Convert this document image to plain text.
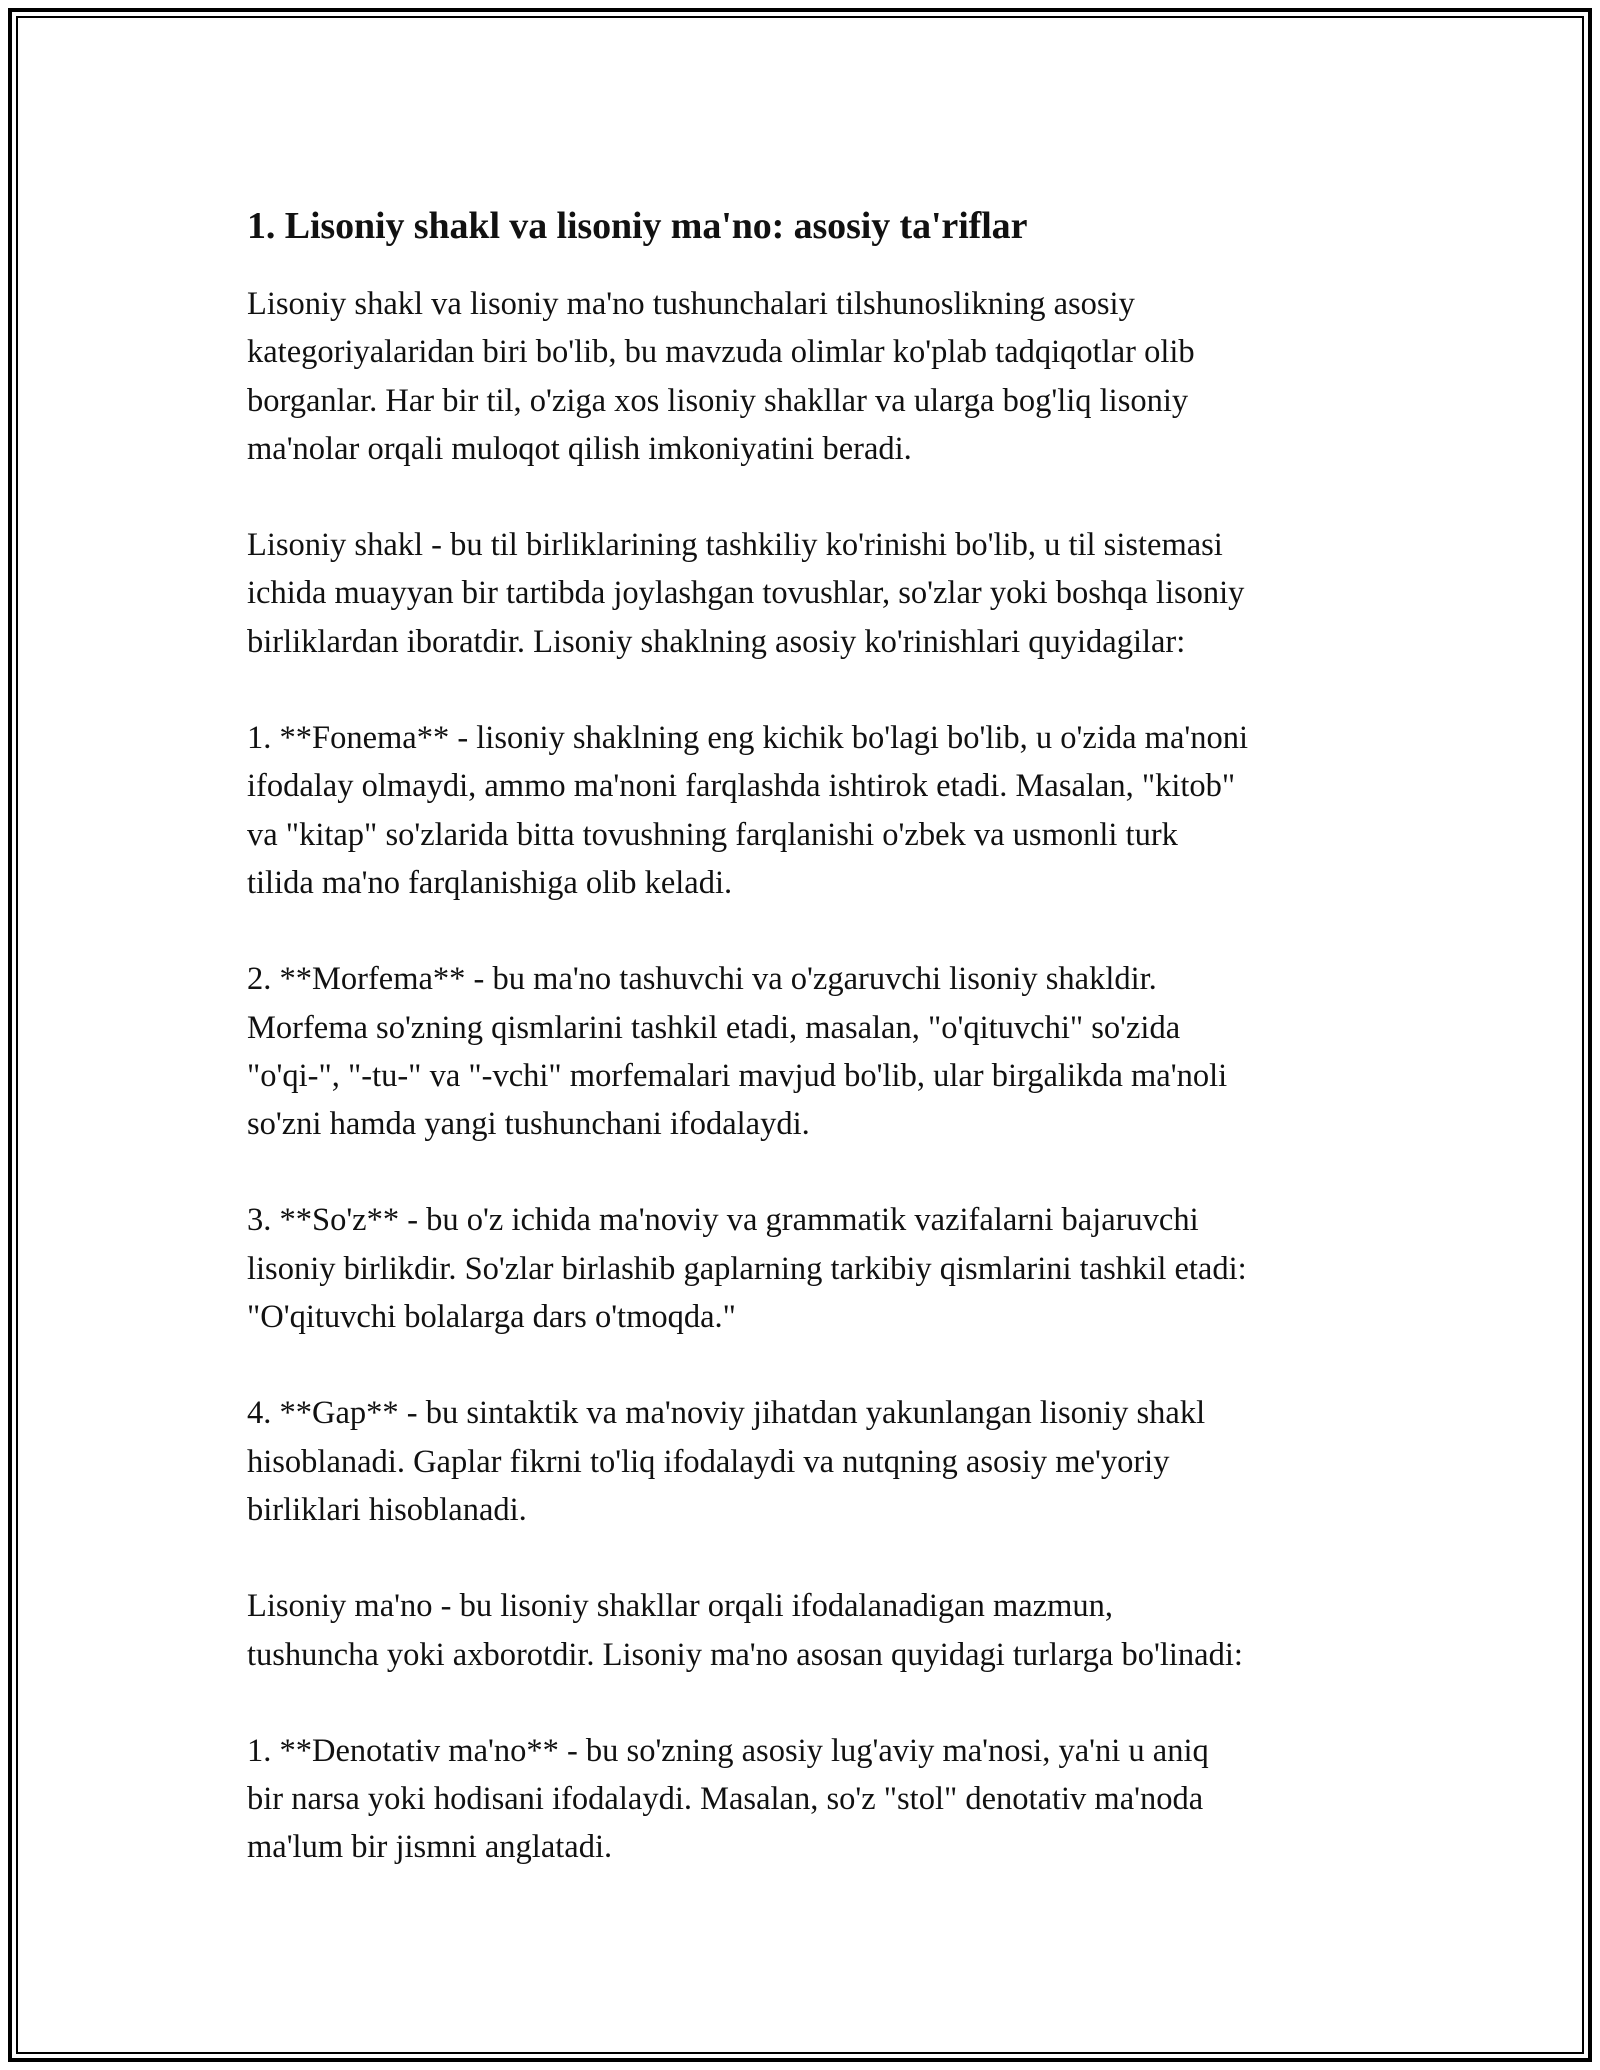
1. Lisoniy shakl va lisoniy ma'no: asosiy ta'riflar

Lisoniy shakl va lisoniy ma'no tushunchalari tilshunoslikning asosiy
kategoriyalaridan biri bo'lib, bu mavzuda olimlar ko'plab tadqiqotlar olib
borganlar. Har bir til, o'ziga xos lisoniy shakllar va ularga bog'liq lisoniy
ma'nolar orqali muloqot qilish imkoniyatini beradi.

Lisoniy shakl - bu til birliklarining tashkiliy ko'rinishi bo'lib, u til sistemasi
ichida muayyan bir tartibda joylashgan tovushlar, so'zlar yoki boshqa lisoniy
birliklardan iboratdir. Lisoniy shaklning asosiy ko'rinishlari quyidagilar:

1. **Fonema** - lisoniy shaklning eng kichik bo'lagi bo'lib, u o'zida ma'noni
ifodalay olmaydi, ammo ma'noni farqlashda ishtirok etadi. Masalan, "kitob"
va "kitap" so'zlarida bitta tovushning farqlanishi o'zbek va usmonli turk
tilida ma'no farqlanishiga olib keladi.

2. **Morfema** - bu ma'no tashuvchi va o'zgaruvchi lisoniy shakldir.
Morfema so'zning qismlarini tashkil etadi, masalan, "o'qituvchi" so'zida
"o'qi-", "-tu-" va "-vchi" morfemalari mavjud bo'lib, ular birgalikda ma'noli
so'zni hamda yangi tushunchani ifodalaydi.

3. **So'z** - bu o'z ichida ma'noviy va grammatik vazifalarni bajaruvchi
lisoniy birlikdir. So'zlar birlashib gaplarning tarkibiy qismlarini tashkil etadi:
"O'qituvchi bolalarga dars o'tmoqda."

4. **Gap** - bu sintaktik va ma'noviy jihatdan yakunlangan lisoniy shakl
hisoblanadi. Gaplar fikrni to'liq ifodalaydi va nutqning asosiy me'yoriy
birliklari hisoblanadi.

Lisoniy ma'no - bu lisoniy shakllar orqali ifodalanadigan mazmun,
tushuncha yoki axborotdir. Lisoniy ma'no asosan quyidagi turlarga bo'linadi:

1. **Denotativ ma'no** - bu so'zning asosiy lug'aviy ma'nosi, ya'ni u aniq
bir narsa yoki hodisani ifodalaydi. Masalan, so'z "stol" denotativ ma'noda
ma'lum bir jismni anglatadi.
